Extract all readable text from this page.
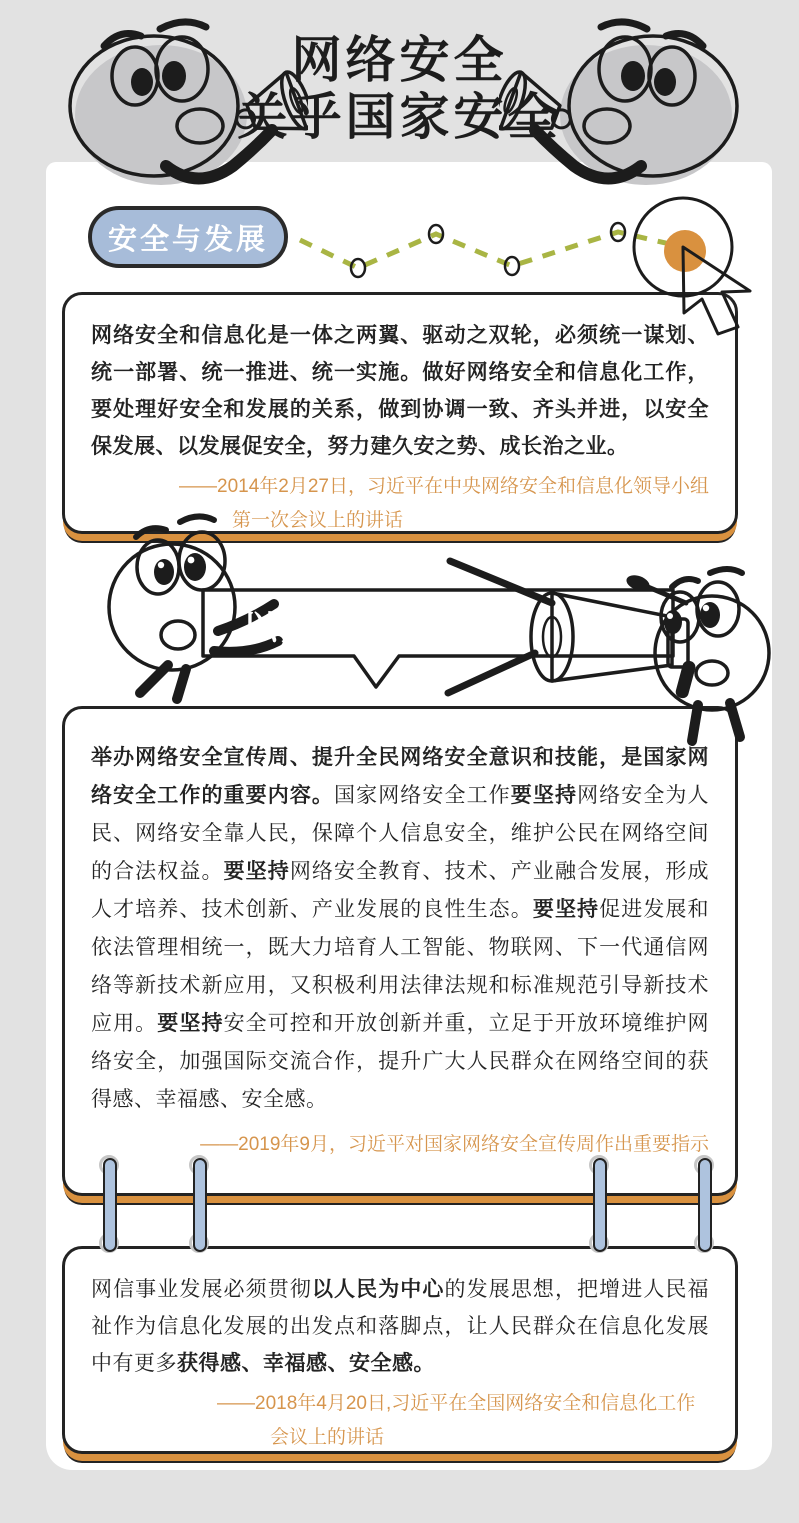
网络安全
关乎国家安全
安全与发展
网络安全和信息化是一体之两翼、驱动之双轮，必须统一谋划、统一部署、统一推进、统一实施。做好网络安全和信息化工作，要处理好安全和发展的关系，做到协调一致、齐头并进，以安全保发展、以发展促安全，努力建久安之势、成长治之业。
——2014年2月27日，习近平在中央网络安全和信息化领导小组第一次会议上的讲话
以人民为中心
举办网络安全宣传周、提升全民网络安全意识和技能，是国家网络安全工作的重要内容。国家网络安全工作要坚持网络安全为人民、网络安全靠人民，保障个人信息安全，维护公民在网络空间的合法权益。要坚持网络安全教育、技术、产业融合发展，形成人才培养、技术创新、产业发展的良性生态。要坚持促进发展和依法管理相统一，既大力培育人工智能、物联网、下一代通信网络等新技术新应用，又积极利用法律法规和标准规范引导新技术应用。要坚持安全可控和开放创新并重，立足于开放环境维护网络安全，加强国际交流合作，提升广大人民群众在网络空间的获得感、幸福感、安全感。
——2019年9月，习近平对国家网络安全宣传周作出重要指示
网信事业发展必须贯彻以人民为中心的发展思想，把增进人民福祉作为信息化发展的出发点和落脚点，让人民群众在信息化发展中有更多获得感、幸福感、安全感。
——2018年4月20日,习近平在全国网络安全和信息化工作会议上的讲话
